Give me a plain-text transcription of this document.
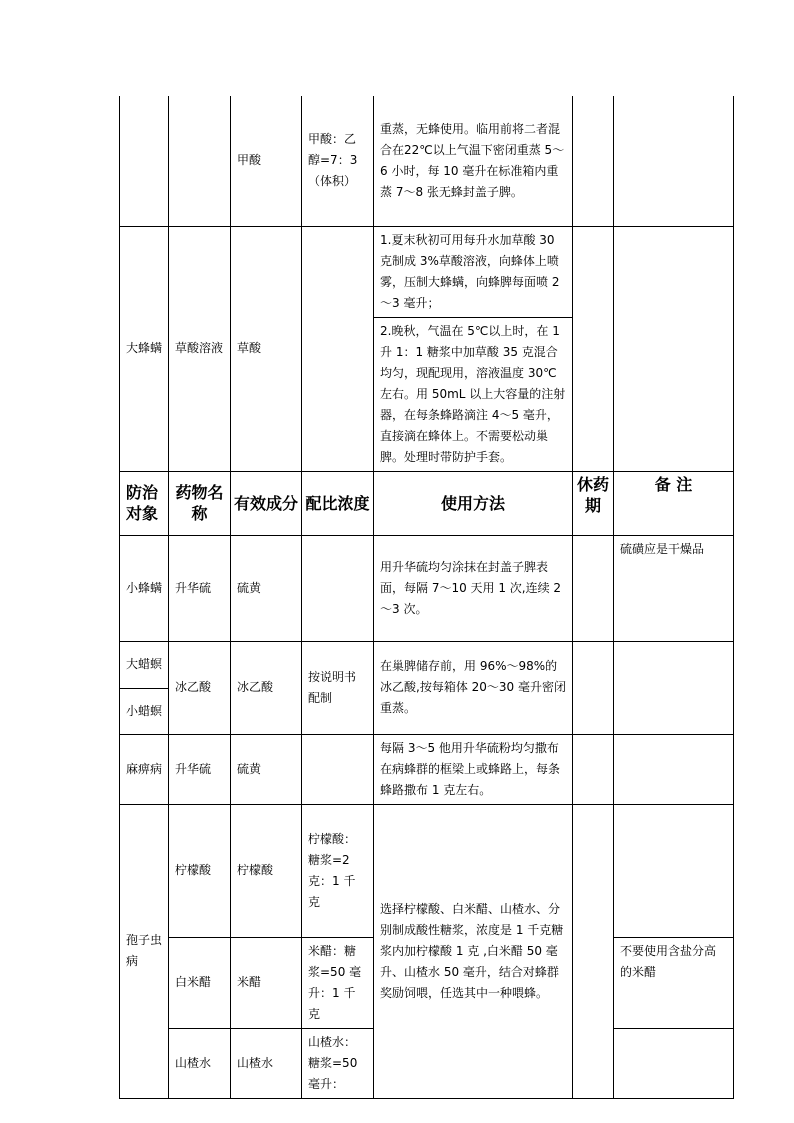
		甲酸	甲酸：乙醇=7：3（体积）	重蒸，无蜂使用。临用前将二者混合在22℃以上气温下密闭重蒸 5～6 小时，每 10 毫升在标准箱内重蒸 7～8 张无蜂封盖子脾。		
大蜂螨	草酸溶液	草酸		1.夏末秋初可用每升水加草酸 30 克制成 3%草酸溶液，向蜂体上喷雾，压制大蜂螨，向蜂脾每面喷 2～3 毫升；		
				2.晚秋，气温在 5℃以上时，在 1 升 1：1 糖浆中加草酸 35 克混合均匀，现配现用，溶液温度 30℃左右。用 50mL 以上大容量的注射器，在每条蜂路滴注 4～5 毫升，直接滴在蜂体上。不需要松动巢脾。处理时带防护手套。		
防治对象	药物名称	有效成分	配比浓度	使用方法	休药期	备 注
小蜂螨	升华硫	硫黄		用升华硫均匀涂抹在封盖子脾表面，每隔 7～10 天用 1 次,连续 2～3 次。		硫磺应是干燥品
大蜡螟	冰乙酸	冰乙酸	按说明书配制	在巢脾储存前，用 96%～98%的冰乙酸,按每箱体 20～30 毫升密闭重蒸。		
小蜡螟						
麻痹病	升华硫	硫黄		每隔 3～5 他用升华硫粉均匀撒布在病蜂群的框梁上或蜂路上，每条蜂路撒布 1 克左右。		
孢子虫病	柠檬酸	柠檬酸	柠檬酸：糖浆=2 克：1 千克	选择柠檬酸、白米醋、山楂水、分别制成酸性糖浆，浓度是 1 千克糖浆内加柠檬酸 1 克 ,白米醋 50 毫升、山楂水 50 毫升，结合对蜂群奖励饲喂，任选其中一种喂蜂。		
	白米醋	米醋	米醋：糖浆=50 毫升：1 千克			不要使用含盐分高的米醋
	山楂水	山楂水	山楂水：糖浆=50 毫升：			
